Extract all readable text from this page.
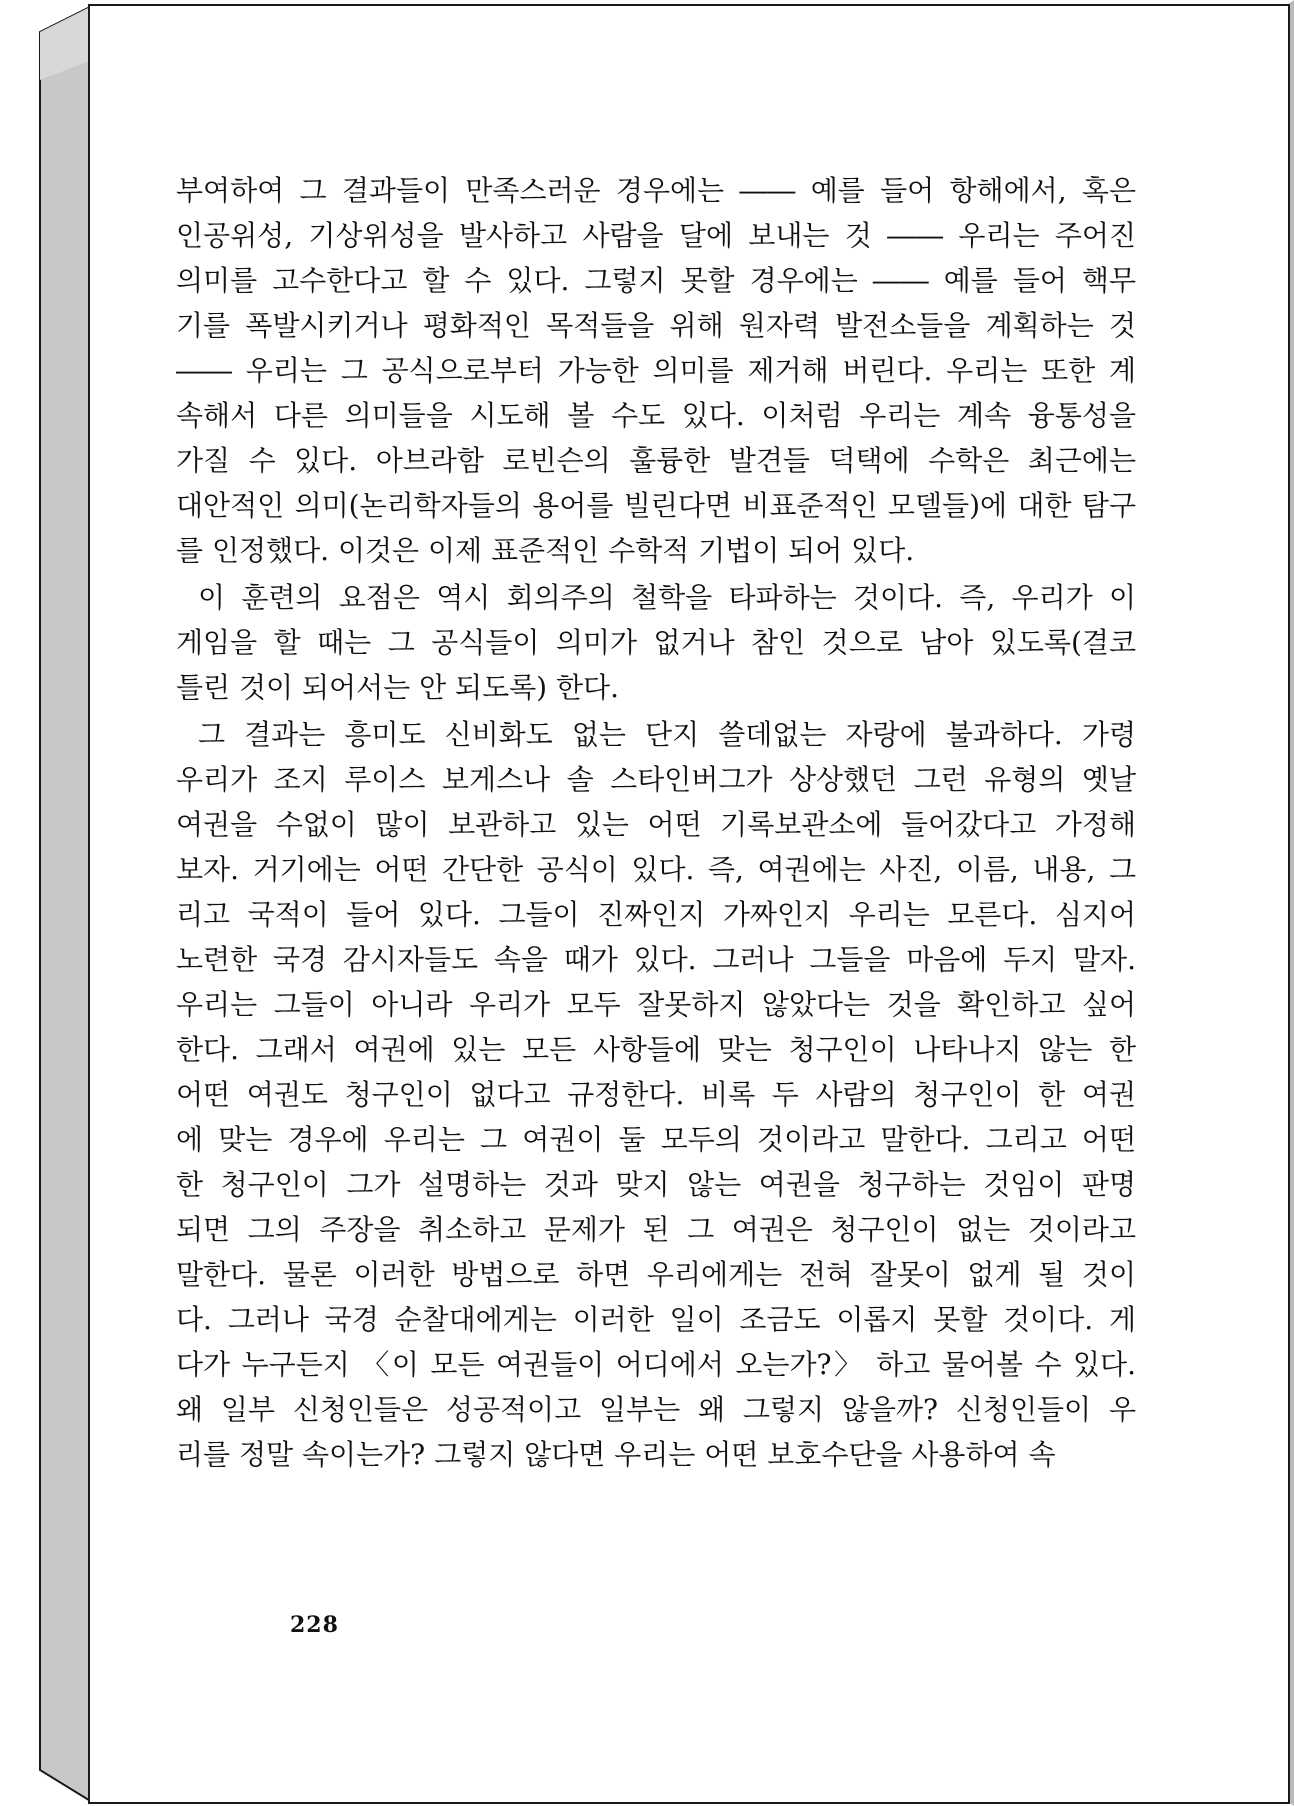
부여하여 그 결과들이 만족스러운 경우에는 ―― 예를 들어 항해에서, 혹은
인공위성, 기상위성을 발사하고 사람을 달에 보내는 것 ―― 우리는 주어진
의미를 고수한다고 할 수 있다. 그렇지 못할 경우에는 ―― 예를 들어 핵무
기를 폭발시키거나 평화적인 목적들을 위해 원자력 발전소들을 계획하는 것
―― 우리는 그 공식으로부터 가능한 의미를 제거해 버린다. 우리는 또한 계
속해서 다른 의미들을 시도해 볼 수도 있다. 이처럼 우리는 계속 융통성을
가질 수 있다. 아브라함 로빈슨의 훌륭한 발견들 덕택에 수학은 최근에는
대안적인 의미(논리학자들의 용어를 빌린다면 비표준적인 모델들)에 대한 탐구
를 인정했다. 이것은 이제 표준적인 수학적 기법이 되어 있다.
이 훈련의 요점은 역시 회의주의 철학을 타파하는 것이다. 즉, 우리가 이
게임을 할 때는 그 공식들이 의미가 없거나 참인 것으로 남아 있도록(결코
틀린 것이 되어서는 안 되도록) 한다.
그 결과는 흥미도 신비화도 없는 단지 쓸데없는 자랑에 불과하다. 가령
우리가 조지 루이스 보게스나 솔 스타인버그가 상상했던 그런 유형의 옛날
여권을 수없이 많이 보관하고 있는 어떤 기록보관소에 들어갔다고 가정해
보자. 거기에는 어떤 간단한 공식이 있다. 즉, 여권에는 사진, 이름, 내용, 그
리고 국적이 들어 있다. 그들이 진짜인지 가짜인지 우리는 모른다. 심지어
노련한 국경 감시자들도 속을 때가 있다. 그러나 그들을 마음에 두지 말자.
우리는 그들이 아니라 우리가 모두 잘못하지 않았다는 것을 확인하고 싶어
한다. 그래서 여권에 있는 모든 사항들에 맞는 청구인이 나타나지 않는 한
어떤 여권도 청구인이 없다고 규정한다. 비록 두 사람의 청구인이 한 여권
에 맞는 경우에 우리는 그 여권이 둘 모두의 것이라고 말한다. 그리고 어떤
한 청구인이 그가 설명하는 것과 맞지 않는 여권을 청구하는 것임이 판명
되면 그의 주장을 취소하고 문제가 된 그 여권은 청구인이 없는 것이라고
말한다. 물론 이러한 방법으로 하면 우리에게는 전혀 잘못이 없게 될 것이
다. 그러나 국경 순찰대에게는 이러한 일이 조금도 이롭지 못할 것이다. 게
다가 누구든지 〈이 모든 여권들이 어디에서 오는가?〉 하고 물어볼 수 있다.
왜 일부 신청인들은 성공적이고 일부는 왜 그렇지 않을까? 신청인들이 우
리를 정말 속이는가? 그렇지 않다면 우리는 어떤 보호수단을 사용하여 속
228
